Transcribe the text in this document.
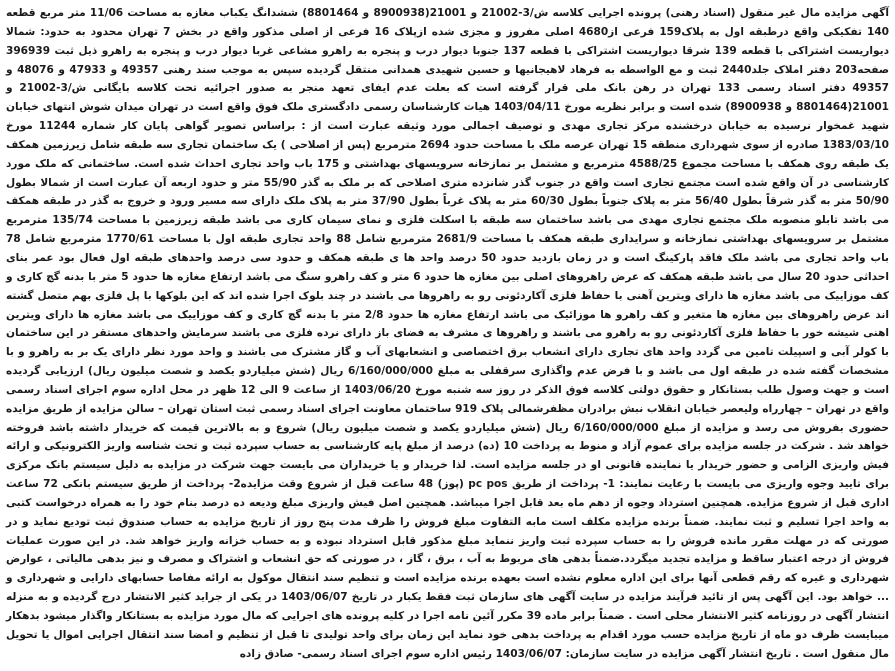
آگهی مزایده مال غیر منقول (اسناد رهنی) پرونده اجرایی کلاسه ش/3-21002 و 21001(8900938 و 8801464) ششدانگ یکباب مغازه به مساحت 11/06 متر مربع قطعه 140 تفکیکی واقع درطبقه اول به پلاک159 فرعی از4680 اصلی مفروز و مجزی شده ازپلاک 16 فرعی از اصلی مذکور واقع در بخش 7 تهران محدود به حدود: شمالا دیواریست اشتراکی با قطعه 139 شرقا دیواریست اشتراکی با قطعه 137 جنوبا دیوار درب و پنجره به راهرو مشاعی غربا دیوار درب و پنجره به راهرو ذیل ثبت 396939 صفحه203 دفتر املاک جلد2440 ثبت و مع الواسطه به فرهاد لاهیجانیها و حسین شهیدی همدانی منتقل گردیده سپس به موجب سند رهنی 49357 و 47933 و 48076 و 49357 دفتر اسناد رسمی 133 تهران در رهن بانک ملی قرار گرفته است که بعلت عدم ایفای تعهد منجر به صدور اجرائیه تحت کلاسه بایگانی ش/3-21002 و 21001(8801464 و 8900938) شده است و برابر نظریه مورخ 1403/04/11 هیات کارشناسان رسمی دادگستری ملک فوق واقع است در تهران میدان شوش انتهای خیابان شهید غمخوار نرسیده به خیابان درخشنده مرکز تجاری مهدی و توصیف اجمالی مورد وثیقه عبارت است از : براساس تصویر گواهی پایان کار شماره 11244 مورخ 1383/03/10 صادره از سوی شهرداری منطقه 15 تهران عرصه ملک با مساحت حدود 2694 مترمربع (پس از اصلاحی ) یک ساختمان تجاری سه طبقه شامل زیرزمین همکف یک طبقه روی همکف با مساحت مجموع 4588/25 مترمربع و مشتمل بر نمازخانه سرویسهای بهداشتی و 175 باب واحد تجاری احداث شده است. ساختمانی که ملک مورد کارشناسی در آن واقع شده است مجتمع تجاری است واقع در جنوب گذر شانزده متری اصلاحی که بر ملک به گذر 55/90 متر و حدود اربعه آن عبارت است از شمالا بطول 50/90 متر به گذر شرقاً بطول 56/40 متر به پلاک جنوباً بطول 60/30 متر به پلاک غرباً بطول 37/90 متر به پلاک ملک دارای سه مسیر ورود و خروج به گذر در طبقه همکف می باشد تابلو منصوبه ملک مجتمع تجاری مهدی می باشد ساختمان سه طبقه با اسکلت فلزی و نمای سیمان کاری می باشد طبقه زیرزمین با مساحت 135/74 مترمربع مشتمل بر سرویسهای بهداشتی نمازخانه و سرایداری طبقه همکف با مساحت 2681/9 مترمربع شامل 88 واحد تجاری طبقه اول با مساحت 1770/61 مترمربع شامل 78 باب واحد تجاری می باشد ملک فاقد پارکینگ است و در زمان بازدید حدود 50 درصد واحد ها ی طبقه همکف و حدود سی درصد واحدهای طبقه اول فعال بود عمر بنای احداثی حدود 20 سال می باشد طبقه همکف که عرض راهروهای اصلی بین مغازه ها حدود 6 متر و کف راهرو سنگ می باشد ارتفاع مغازه ها حدود 5 متر با بدنه گچ کاری و کف موزاییک می باشد مغازه ها دارای ویترین آهنی با حفاظ فلزی آکاردئونی رو به راهروها می باشند در چند بلوک اجرا شده اند که این بلوکها با پل فلزی بهم متصل گشته اند عرض راهروهای بین مغازه ها متغیر و کف راهرو ها موزائیک می باشد ارتفاع مغازه ها حدود 2/8 متر با بدنه گچ کاری و کف موزاییک می باشد مغازه ها دارای ویترین اهنی شیشه خور با حفاظ فلزی آکاردئونی رو به راهرو می باشند و راهروها ی مشرف به فضای باز دارای نرده فلزی می باشند سرمایش واحدهای مستقر در این ساختمان با کولر آبی و اسپیلت تامین می گردد واحد های تجاری دارای انشعاب برق اختصاصی و انشعابهای آب و گاز مشترک می باشند و واحد مورد نظر دارای یک بر به راهرو و با مشخصات گفته شده در طبقه اول می باشد و با فرض عدم واگذاری سرقفلی به مبلغ 6/160/000/000 ریال (شش میلیاردو یکصد و شصت میلیون ریال) ارزیابی گردیده است و جهت وصول طلب بستانکار و حقوق دولتی کلاسه فوق الذکر در روز سه شنبه مورخ 1403/06/20 از ساعت 9 الی 12 ظهر در محل اداره سوم اجرای اسناد رسمی واقع در تهران – چهارراه ولیعصر خیابان انقلاب نبش برادران مظفرشمالی پلاک 919 ساختمان معاونت اجرای اسناد رسمی ثبت استان تهران – سالن مزایده از طریق مزایده حضوری بفروش می رسد و مزایده از مبلغ 6/160/000/000 ریال (شش میلیاردو یکصد و شصت میلیون ریال) شروع و به بالاترین قیمت که خریدار داشته باشد فروخته خواهد شد . شرکت در جلسه مزایده برای عموم آزاد و منوط به پرداخت 10 (ده) درصد از مبلغ پایه کارشناسی به حساب سپرده ثبت و تحت شناسه واریز الکترونیکی و ارائه فیش واریزی الزامی و حضور خریدار یا نماینده قانونی او در جلسه مزایده است. لذا خریدار و یا خریداران می بایست جهت شرکت در مزایده به دلیل سیستم بانک مرکزی برای تایید وجوه واریزی می بایست با رعایت نمایند: 1- پرداخت از طریق pc pos (پوز) 48 ساعت قبل از شروع وقت مزایده2- پرداخت از طریق سیستم بانکی 72 ساعت اداری قبل از شروع مزایده. همچنین استرداد وجوه از دهم ماه بعد قابل اجرا میباشد. همچنین اصل فیش واریزی مبلغ ودیعه ده درصد بنام خود را به همراه درخواست کتبی به واحد اجرا تسلیم و ثبت نمایند. ضمناً برنده مزایده مکلف است مابه التفاوت مبلغ فروش را ظرف مدت پنج روز از تاریخ مزایده به حساب صندوق ثبت تودیع نماید و در صورتی که در مهلت مقرر مانده فروش را به حساب سپرده ثبت واریز ننماید مبلغ مذکور قابل استرداد نبوده و به حساب خزانه واریز خواهد شد. در این صورت عملیات فروش از درجه اعتبار ساقط و مزایده تجدید میگردد.ضمناً بدهی های مربوط به آب ، برق ، گاز ، در صورتی که حق انشعاب و اشتراک و مصرف و نیز بدهی مالیاتی ، عوارض شهرداری و غیره که رقم قطعی آنها برای این اداره معلوم نشده است بعهده برنده مزایده است و تنظیم سند انتقال موکول به ارائه مفاصا حسابهای دارایی و شهرداری و ... خواهد بود. این آگهی پس از تائید فرآیند مزایده در سایت آگهی های سازمان ثبت فقط یکبار در تاریخ 1403/06/07 در یکی از جراید کثیر الانتشار درج گردیده و به منزله انتشار آگهی در روزنامه کثیر الانتشار محلی است . ضمناً برابر ماده 39 مکرر آئین نامه اجرا در کلیه پرونده های اجرایی که مال مورد مزایده به بستانکار واگذار میشود بدهکار میبایست ظرف دو ماه از تاریخ مزایده حسب مورد اقدام به پرداخت بدهی خود نماید این زمان برای واحد تولیدی تا قبل از تنظیم و امضا سند انتقال اجرایی اموال یا تحویل مال منقول است . تاریخ انتشار آگهی مزایده در سایت سازمان: 1403/06/07 رئیس اداره سوم اجرای اسناد رسمی- صادق زاده
